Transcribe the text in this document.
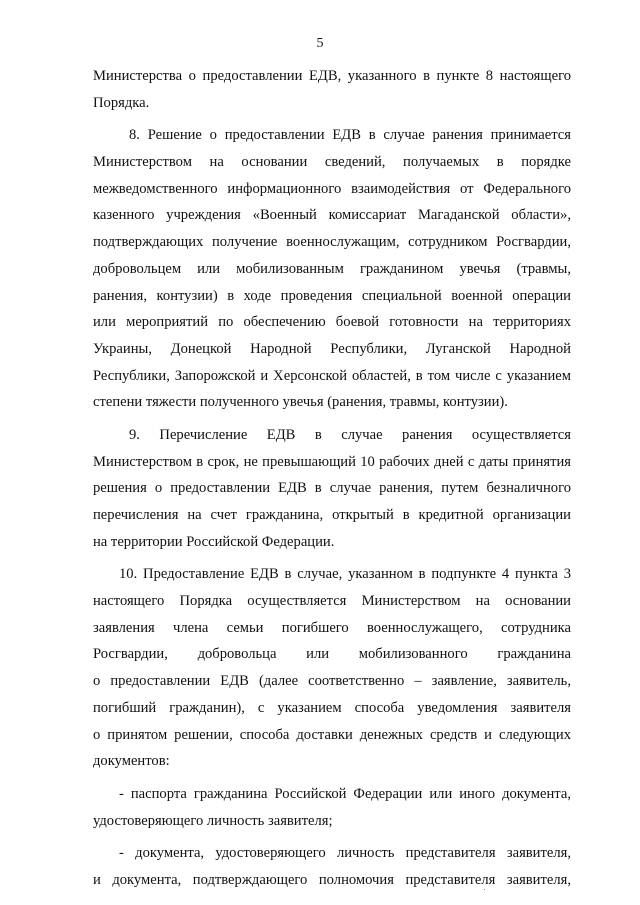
5
Министерства о предоставлении ЕДВ, указанного в пункте 8 настоящего
Порядка.
8. Решение о предоставлении ЕДВ в случае ранения принимается
Министерством на основании сведений, получаемых в порядке
межведомственного информационного взаимодействия от Федерального
казенного учреждения «Военный комиссариат Магаданской области»,
подтверждающих получение военнослужащим, сотрудником Росгвардии,
добровольцем или мобилизованным гражданином увечья (травмы,
ранения, контузии) в ходе проведения специальной военной операции
или мероприятий по обеспечению боевой готовности на территориях
Украины, Донецкой Народной Республики, Луганской Народной
Республики, Запорожской и Херсонской областей, в том числе с указанием
степени тяжести полученного увечья (ранения, травмы, контузии).
9. Перечисление ЕДВ в случае ранения осуществляется
Министерством в срок, не превышающий 10 рабочих дней с даты принятия
решения о предоставлении ЕДВ в случае ранения, путем безналичного
перечисления на счет гражданина, открытый в кредитной организации
на территории Российской Федерации.
10. Предоставление ЕДВ в случае, указанном в подпункте 4 пункта 3
настоящего Порядка осуществляется Министерством на основании
заявления члена семьи погибшего военнослужащего, сотрудника
Росгвардии, добровольца или мобилизованного гражданина
о предоставлении ЕДВ (далее соответственно – заявление, заявитель,
погибший гражданин), с указанием способа уведомления заявителя
о принятом решении, способа доставки денежных средств и следующих
документов:
- паспорта гражданина Российской Федерации или иного документа,
удостоверяющего личность заявителя;
- документа, удостоверяющего личность представителя заявителя,
и документа, подтверждающего полномочия представителя заявителя,
